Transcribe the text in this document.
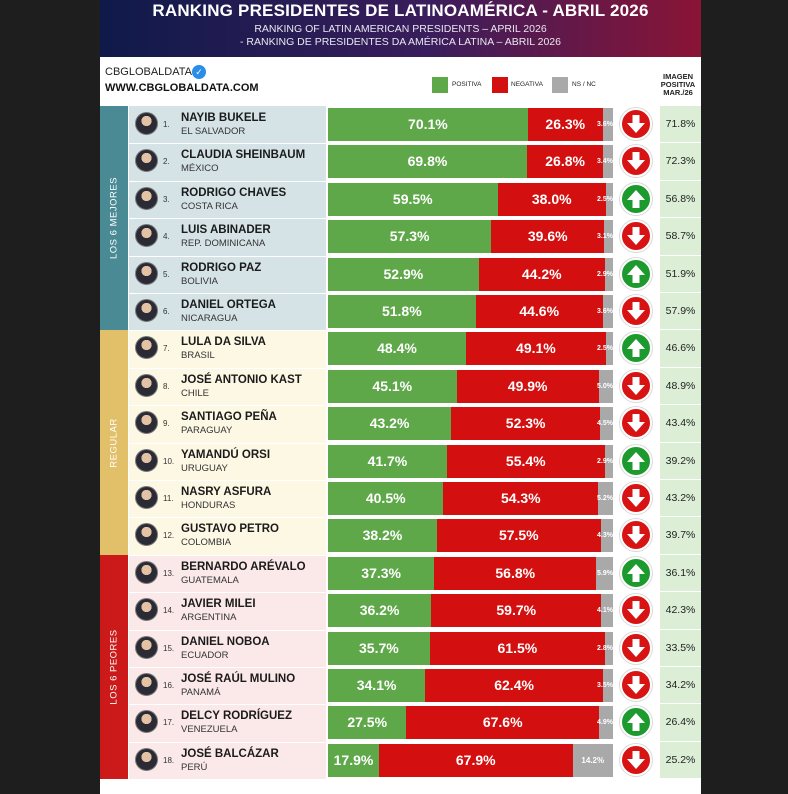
RANKING PRESIDENTES DE LATINOAMÉRICA - ABRIL 2026
RANKING OF LATIN AMERICAN PRESIDENTS – APRIL 2026
- RANKING DE PRESIDENTES DA AMÉRICA LATINA – ABRIL 2026
CBGLOBALDATA ✓
WWW.CBGLOBALDATA.COM	POSITIVA	NEGATIVA	NS / NC
IMAGEN POSITIVA MAR./26
LOS 6 MEJORES
REGULAR
LOS 6 PEORES
1.
NAYIB BUKELE
EL SALVADOR	70.1%	26.3%	3.6%	71.8%
2.
CLAUDIA SHEINBAUM
MÉXICO	69.8%	26.8%	3.4%	72.3%
3.
RODRIGO CHAVES
COSTA RICA	59.5%	38.0%	2.5%	56.8%
4.
LUIS ABINADER
REP. DOMINICANA	57.3%	39.6%	3.1%	58.7%
5.
RODRIGO PAZ
BOLIVIA	52.9%	44.2%	2.9%	51.9%
6.
DANIEL ORTEGA
NICARAGUA	51.8%	44.6%	3.6%	57.9%
7.
LULA DA SILVA
BRASIL	48.4%	49.1%	2.5%	46.6%
8.
JOSÉ ANTONIO KAST
CHILE	45.1%	49.9%	5.0%	48.9%
9.
SANTIAGO PEÑA
PARAGUAY	43.2%	52.3%	4.5%	43.4%
10.
YAMANDÚ ORSI
URUGUAY	41.7%	55.4%	2.9%	39.2%
11.
NASRY ASFURA
HONDURAS	40.5%	54.3%	5.2%	43.2%
12.
GUSTAVO PETRO
COLOMBIA	38.2%	57.5%	4.3%	39.7%
13.
BERNARDO ARÉVALO
GUATEMALA	37.3%	56.8%	5.9%	36.1%
14.
JAVIER MILEI
ARGENTINA	36.2%	59.7%	4.1%	42.3%
15.
DANIEL NOBOA
ECUADOR	35.7%	61.5%	2.8%	33.5%
16.
JOSÉ RAÚL MULINO
PANAMÁ	34.1%	62.4%	3.5%	34.2%
17.
DELCY RODRÍGUEZ
VENEZUELA	27.5%	67.6%	4.9%	26.4%
18.
JOSÉ BALCÁZAR
PERÚ	17.9%	67.9%	14.2%	25.2%
